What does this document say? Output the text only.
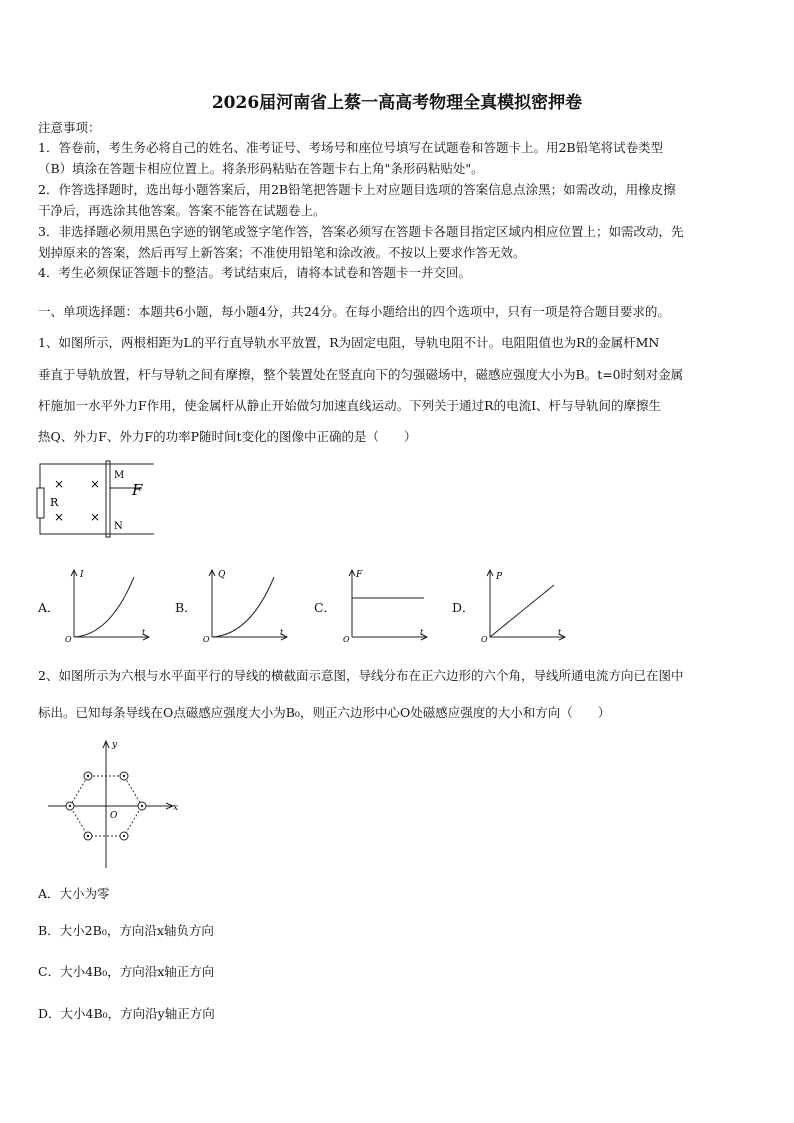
2026届河南省上蔡一高高考物理全真模拟密押卷
注意事项：
1．答卷前，考生务必将自己的姓名、准考证号、考场号和座位号填写在试题卷和答题卡上。用2B铅笔将试卷类型
（B）填涂在答题卡相应位置上。将条形码粘贴在答题卡右上角"条形码粘贴处"。
2．作答选择题时，选出每小题答案后，用2B铅笔把答题卡上对应题目选项的答案信息点涂黑；如需改动，用橡皮擦
干净后，再选涂其他答案。答案不能答在试题卷上。
3．非选择题必须用黑色字迹的钢笔或签字笔作答，答案必须写在答题卡各题目指定区域内相应位置上；如需改动，先
划掉原来的答案，然后再写上新答案；不准使用铅笔和涂改液。不按以上要求作答无效。
4．考生必须保证答题卡的整洁。考试结束后，请将本试卷和答题卡一并交回。
一、单项选择题：本题共6小题，每小题4分，共24分。在每小题给出的四个选项中，只有一项是符合题目要求的。
1、如图所示，两根相距为L的平行直导轨水平放置，R为固定电阻，导轨电阻不计。电阻阻值也为R的金属杆MN
垂直于导轨放置，杆与导轨之间有摩擦，整个装置处在竖直向下的匀强磁场中，磁感应强度大小为B。t=0时刻对金属
杆施加一水平外力F作用，使金属杆从静止开始做匀加速直线运动。下列关于通过R的电流I、杆与导轨间的摩擦生
热Q、外力F、外力F的功率P随时间t变化的图像中正确的是（　　）
R
× ×
× ×
M
N
F
A．
I
t
O
B．
Q
t
O
C．
F
t
O
D．
P
t
O
2、如图所示为六根与水平面平行的导线的横截面示意图，导线分布在正六边形的六个角，导线所通电流方向已在图中
标出。已知每条导线在O点磁感应强度大小为B₀，则正六边形中心O处磁感应强度的大小和方向（　　）
y
x
O
A．大小为零
B．大小2B₀，方向沿x轴负方向
C．大小4B₀，方向沿x轴正方向
D．大小4B₀，方向沿y轴正方向
